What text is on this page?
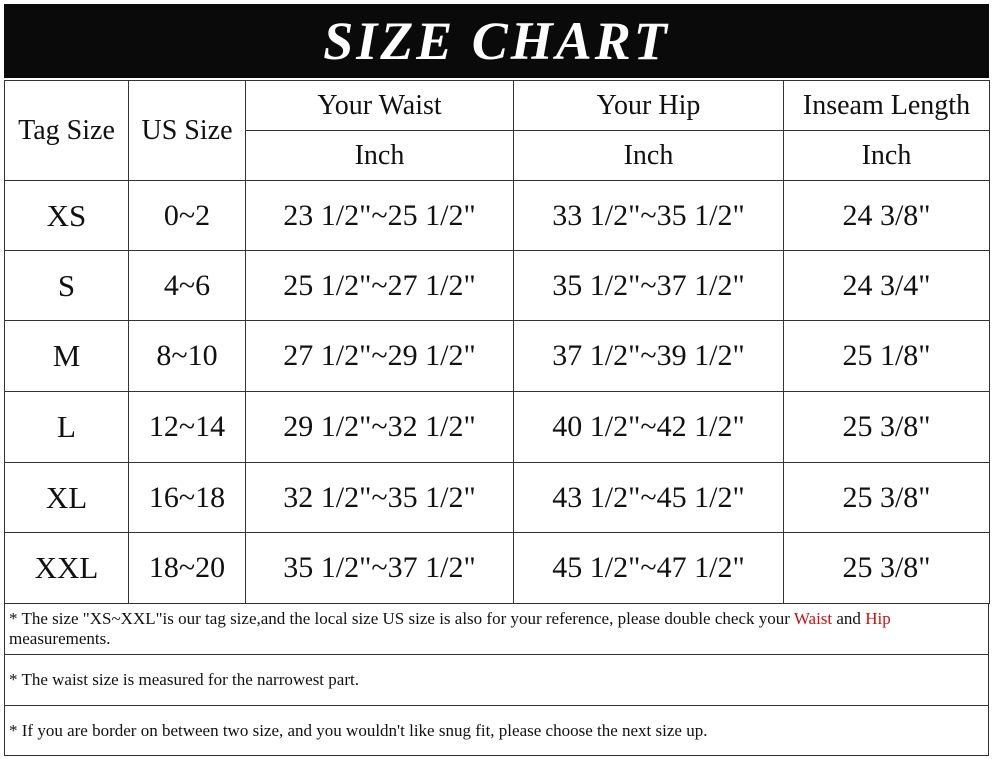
SIZE CHART
Tag Size	US Size	Your Waist	Your Hip	Inseam Length
		Inch	Inch	Inch
XS	0~2	23 1/2"~25 1/2"	33 1/2"~35 1/2"	24 3/8"
S	4~6	25 1/2"~27 1/2"	35 1/2"~37 1/2"	24 3/4"
M	8~10	27 1/2"~29 1/2"	37 1/2"~39 1/2"	25 1/8"
L	12~14	29 1/2"~32 1/2"	40 1/2"~42 1/2"	25 3/8"
XL	16~18	32 1/2"~35 1/2"	43 1/2"~45 1/2"	25 3/8"
XXL	18~20	35 1/2"~37 1/2"	45 1/2"~47 1/2"	25 3/8"
* The size "XS~XXL"is our tag size,and the local size US size is also for your reference, please double check your Waist and Hip measurements.
* The waist size is measured for the narrowest part.
* If you are border on between two size, and you wouldn't like snug fit, please choose the next size up.
